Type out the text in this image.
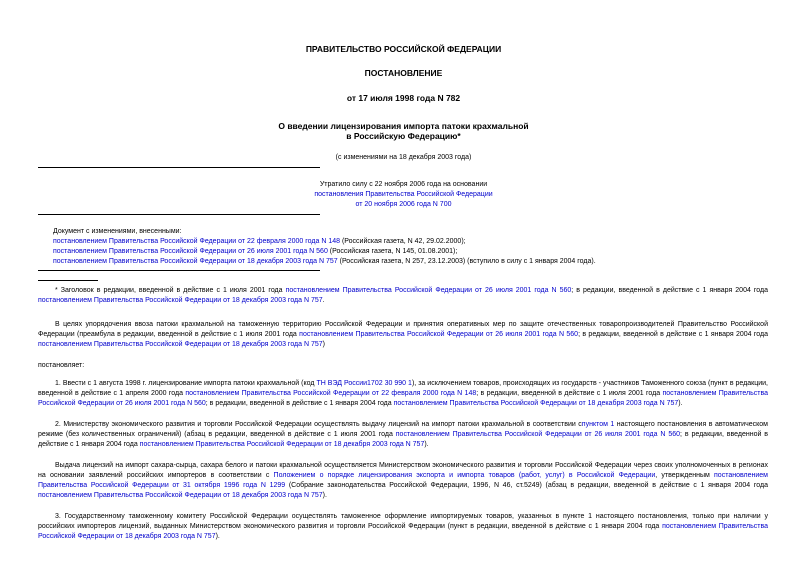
ПРАВИТЕЛЬСТВО РОССИЙСКОЙ ФЕДЕРАЦИИ
ПОСТАНОВЛЕНИЕ
от 17 июля 1998 года N 782
О введении лицензирования импорта патоки крахмальной
в Российскую Федерацию*
(с изменениями на 18 декабря 2003 года)
Утратило силу с 22 ноября 2006 года на основании
постановления Правительства Российской Федерации
от 20 ноября 2006 года N 700
Документ с изменениями, внесенными:
постановлением Правительства Российской Федерации от 22 февраля 2000 года N 148 (Российская газета, N 42, 29.02.2000);
постановлением Правительства Российской Федерации от 26 июля 2001 года N 560 (Российская газета, N 145, 01.08.2001);
постановлением Правительства Российской Федерации от 18 декабря 2003 года N 757 (Российская газета, N 257, 23.12.2003) (вступило в силу с 1 января 2004 года).
* Заголовок в редакции, введенной в действие с 1 июля 2001 года постановлением Правительства Российской Федерации от 26 июля 2001 года N 560; в редакции, введенной в действие с 1 января 2004 года постановлением Правительства Российской Федерации от 18 декабря 2003 года N 757.
В целях упорядочения ввоза патоки крахмальной на таможенную территорию Российской Федерации и принятия оперативных мер по защите отечественных товаропроизводителей Правительство Российской Федерации (преамбула в редакции, введенной в действие с 1 июля 2001 года постановлением Правительства Российской Федерации от 26 июля 2001 года N 560; в редакции, введенной в действие с 1 января 2004 года постановлением Правительства Российской Федерации от 18 декабря 2003 года N 757)
постановляет:
1. Ввести с 1 августа 1998 г. лицензирование импорта патоки крахмальной (код ТН ВЭД России1702 30 990 1), за исключением товаров, происходящих из государств - участников Таможенного союза (пункт в редакции, введенной в действие с 1 апреля 2000 года постановлением Правительства Российской Федерации от 22 февраля 2000 года N 148; в редакции, введенной в действие с 1 июля 2001 года постановлением Правительства Российской Федерации от 26 июля 2001 года N 560; в редакции, введенной в действие с 1 января 2004 года постановлением Правительства Российской Федерации от 18 декабря 2003 года N 757).
2. Министерству экономического развития и торговли Российской Федерации осуществлять выдачу лицензий на импорт патоки крахмальной в соответствии спунктом 1 настоящего постановления в автоматическом режиме (без количественных ограничений) (абзац в редакции, введенной в действие с 1 июля 2001 года постановлением Правительства Российской Федерации от 26 июля 2001 года N 560; в редакции, введенной в действие с 1 января 2004 года постановлением Правительства Российской Федерации от 18 декабря 2003 года N 757).
Выдача лицензий на импорт сахара-сырца, сахара белого и патоки крахмальной осуществляется Министерством экономического развития и торговли Российской Федерации через своих уполномоченных в регионах на основании заявлений российских импортеров в соответствии с Положением о порядке лицензирования экспорта и импорта товаров (работ, услуг) в Российской Федерации, утвержденным постановлением Правительства Российской Федерации от 31 октября 1996 года N 1299 (Собрание законодательства Российской Федерации, 1996, N 46, ст.5249) (абзац в редакции, введенной в действие с 1 января 2004 года постановлением Правительства Российской Федерации от 18 декабря 2003 года N 757).
3. Государственному таможенному комитету Российской Федерации осуществлять таможенное оформление импортируемых товаров, указанных в пункте 1 настоящего постановления, только при наличии у российских импортеров лицензий, выданных Министерством экономического развития и торговли Российской Федерации (пункт в редакции, введенной в действие с 1 января 2004 года постановлением Правительства Российской Федерации от 18 декабря 2003 года N 757).
